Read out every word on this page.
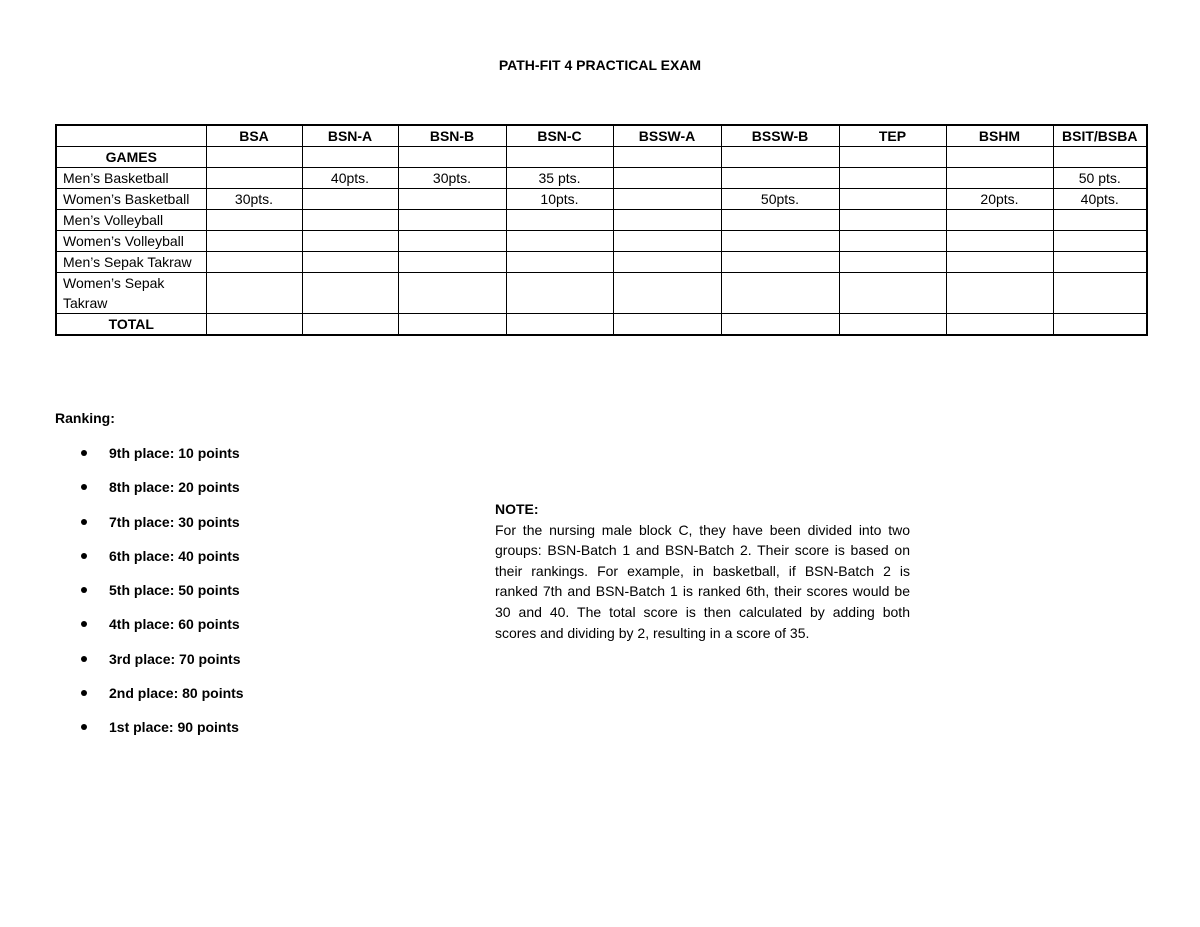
PATH-FIT 4 PRACTICAL EXAM
	BSA	BSN-A	BSN-B	BSN-C	BSSW-A	BSSW-B	TEP	BSHM	BSIT/BSBA
GAMES									
Men’s Basketball		40pts.	30pts.	35 pts.					50 pts.
Women’s Basketball	30pts.			10pts.		50pts.		20pts.	40pts.
Men’s Volleyball									
Women’s Volleyball									
Men’s Sepak Takraw									
Women’s Sepak Takraw									
TOTAL									
Ranking:
9th place: 10 points
8th place: 20 points
7th place: 30 points
6th place: 40 points
5th place: 50 points
4th place: 60 points
3rd place: 70 points
2nd place: 80 points
1st place: 90 points
NOTE:
For the nursing male block C, they have been divided into two groups: BSN-Batch 1 and BSN-Batch 2. Their score is based on their rankings. For example, in basketball, if BSN-Batch 2 is ranked 7th and BSN-Batch 1 is ranked 6th, their scores would be 30 and 40. The total score is then calculated by adding both scores and dividing by 2, resulting in a score of 35.
